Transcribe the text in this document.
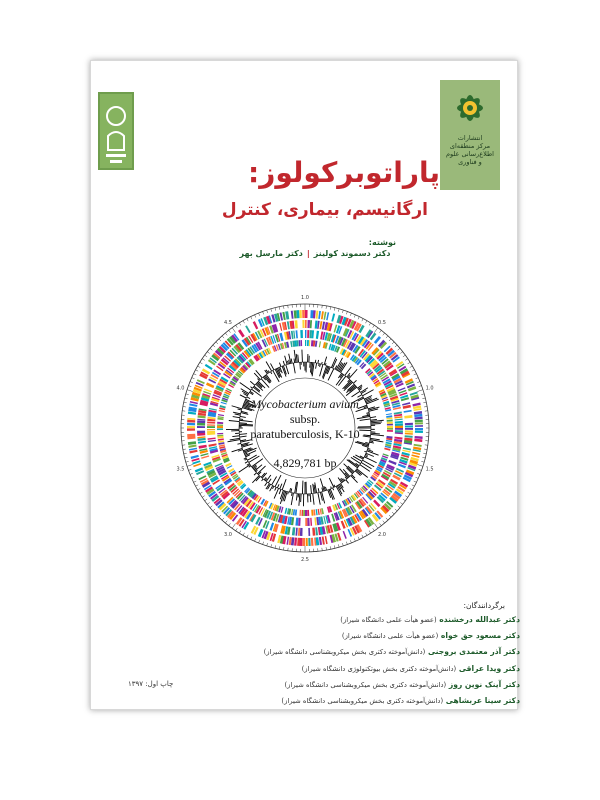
انتشارات
مرکز منطقه‌ای
اطلاع‌رسانی علوم
و فناوری
پاراتوبرکولوز:
ارگانیسم، بیماری، کنترل
نوشته:
دکتر دسموند کولینز|دکتر مارسل بهر
1.0
0.5
1.0
1.5
2.0
2.5
3.0
3.5
4.0
4.5
Mycobacterium avium
subsp.
paratuberculosis, K-10
4,829,781 bp
برگردانندگان:
دکتر عبدالله درخشنده (عضو هیأت علمی دانشگاه شیراز)
دکتر مسعود حق خواه (عضو هیأت علمی دانشگاه شیراز)
دکتر آذر معتمدی بروجنی (دانش‌آموخته دکتری بخش میکروبشناسی دانشگاه شیراز)
دکتر ویدا عراقی (دانش‌آموخته دکتری بخش بیوتکنولوژی دانشگاه شیراز)
دکتر آینک نوین روز (دانش‌آموخته دکتری بخش میکروبشناسی دانشگاه شیراز)
دکتر سینا عربشاهی (دانش‌آموخته دکتری بخش میکروبشناسی دانشگاه شیراز)
چاپ اول: ۱۳۹۷
